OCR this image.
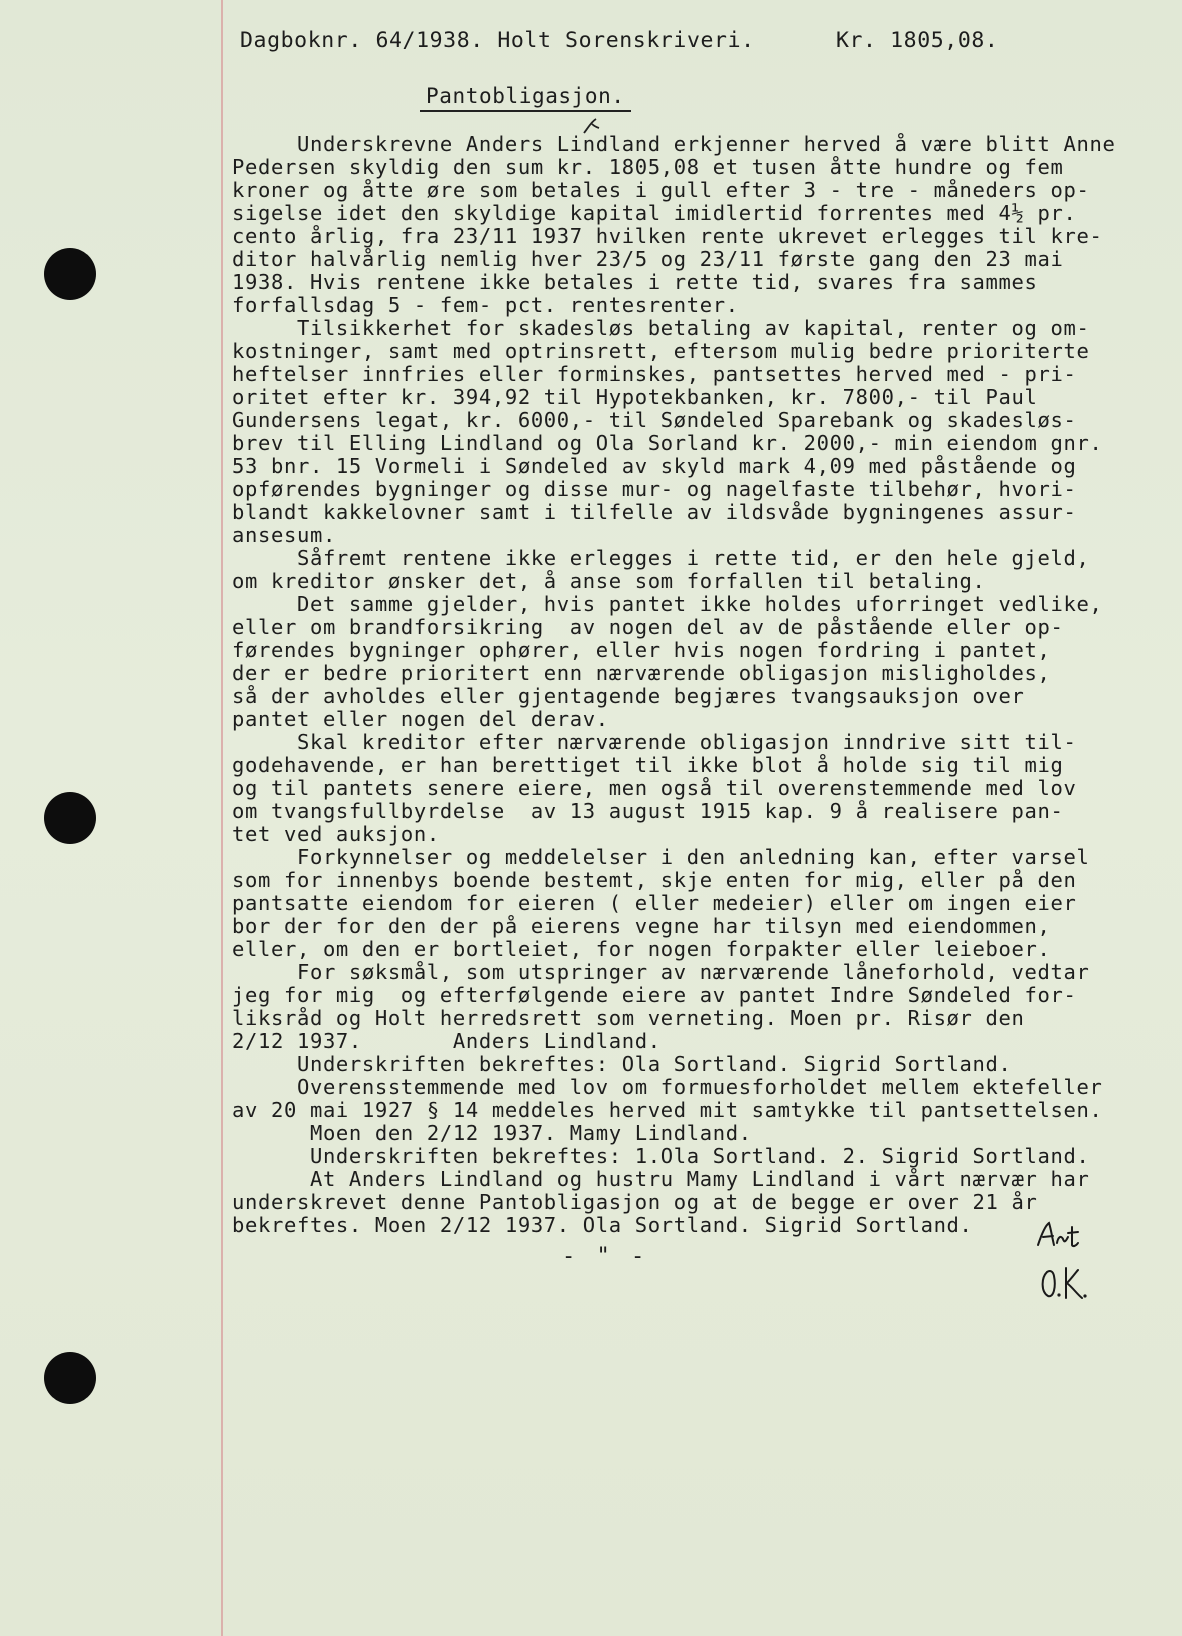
Dagboknr. 64/1938. Holt Sorenskriveri.      Kr. 1805,08.
Pantobligasjon.
Underskrevne Anders Lindland erkjenner herved å være blitt Anne
Pedersen skyldig den sum kr. 1805,08 et tusen åtte hundre og fem
kroner og åtte øre som betales i gull efter 3 - tre - måneders op-
sigelse idet den skyldige kapital imidlertid forrentes med 4½ pr.
cento årlig, fra 23/11 1937 hvilken rente ukrevet erlegges til kre-
ditor halvårlig nemlig hver 23/5 og 23/11 første gang den 23 mai
1938. Hvis rentene ikke betales i rette tid, svares fra sammes
forfallsdag 5 - fem- pct. rentesrenter.
Tilsikkerhet for skadesløs betaling av kapital, renter og om-
kostninger, samt med optrinsrett, eftersom mulig bedre prioriterte
heftelser innfries eller forminskes, pantsettes herved med - pri-
oritet efter kr. 394,92 til Hypotekbanken, kr. 7800,- til Paul
Gundersens legat, kr. 6000,- til Søndeled Sparebank og skadesløs-
brev til Elling Lindland og Ola Sorland kr. 2000,- min eiendom gnr.
53 bnr. 15 Vormeli i Søndeled av skyld mark 4,09 med påstående og
opførendes bygninger og disse mur- og nagelfaste tilbehør, hvori-
blandt kakkelovner samt i tilfelle av ildsvåde bygningenes assur-
ansesum.
Såfremt rentene ikke erlegges i rette tid, er den hele gjeld,
om kreditor ønsker det, å anse som forfallen til betaling.
Det samme gjelder, hvis pantet ikke holdes uforringet vedlike,
eller om brandforsikring  av nogen del av de påstående eller op-
førendes bygninger ophører, eller hvis nogen fordring i pantet,
der er bedre prioritert enn nærværende obligasjon misligholdes,
så der avholdes eller gjentagende begjæres tvangsauksjon over
pantet eller nogen del derav.
Skal kreditor efter nærværende obligasjon inndrive sitt til-
godehavende, er han berettiget til ikke blot å holde sig til mig
og til pantets senere eiere, men også til overenstemmende med lov
om tvangsfullbyrdelse  av 13 august 1915 kap. 9 å realisere pan-
tet ved auksjon.
Forkynnelser og meddelelser i den anledning kan, efter varsel
som for innenbys boende bestemt, skje enten for mig, eller på den
pantsatte eiendom for eieren ( eller medeier) eller om ingen eier
bor der for den der på eierens vegne har tilsyn med eiendommen,
eller, om den er bortleiet, for nogen forpakter eller leieboer.
For søksmål, som utspringer av nærværende låneforhold, vedtar
jeg for mig  og efterfølgende eiere av pantet Indre Søndeled for-
liksråd og Holt herredsrett som verneting. Moen pr. Risør den
2/12 1937.       Anders Lindland.
Underskriften bekreftes: Ola Sortland. Sigrid Sortland.
Overensstemmende med lov om formuesforholdet mellem ektefeller
av 20 mai 1927 § 14 meddeles herved mit samtykke til pantsettelsen.
Moen den 2/12 1937. Mamy Lindland.
Underskriften bekreftes: 1.Ola Sortland. 2. Sigrid Sortland.
At Anders Lindland og hustru Mamy Lindland i vårt nærvær har
underskrevet denne Pantobligasjon og at de begge er over 21 år
bekreftes. Moen 2/12 1937. Ola Sortland. Sigrid Sortland.
- " -
